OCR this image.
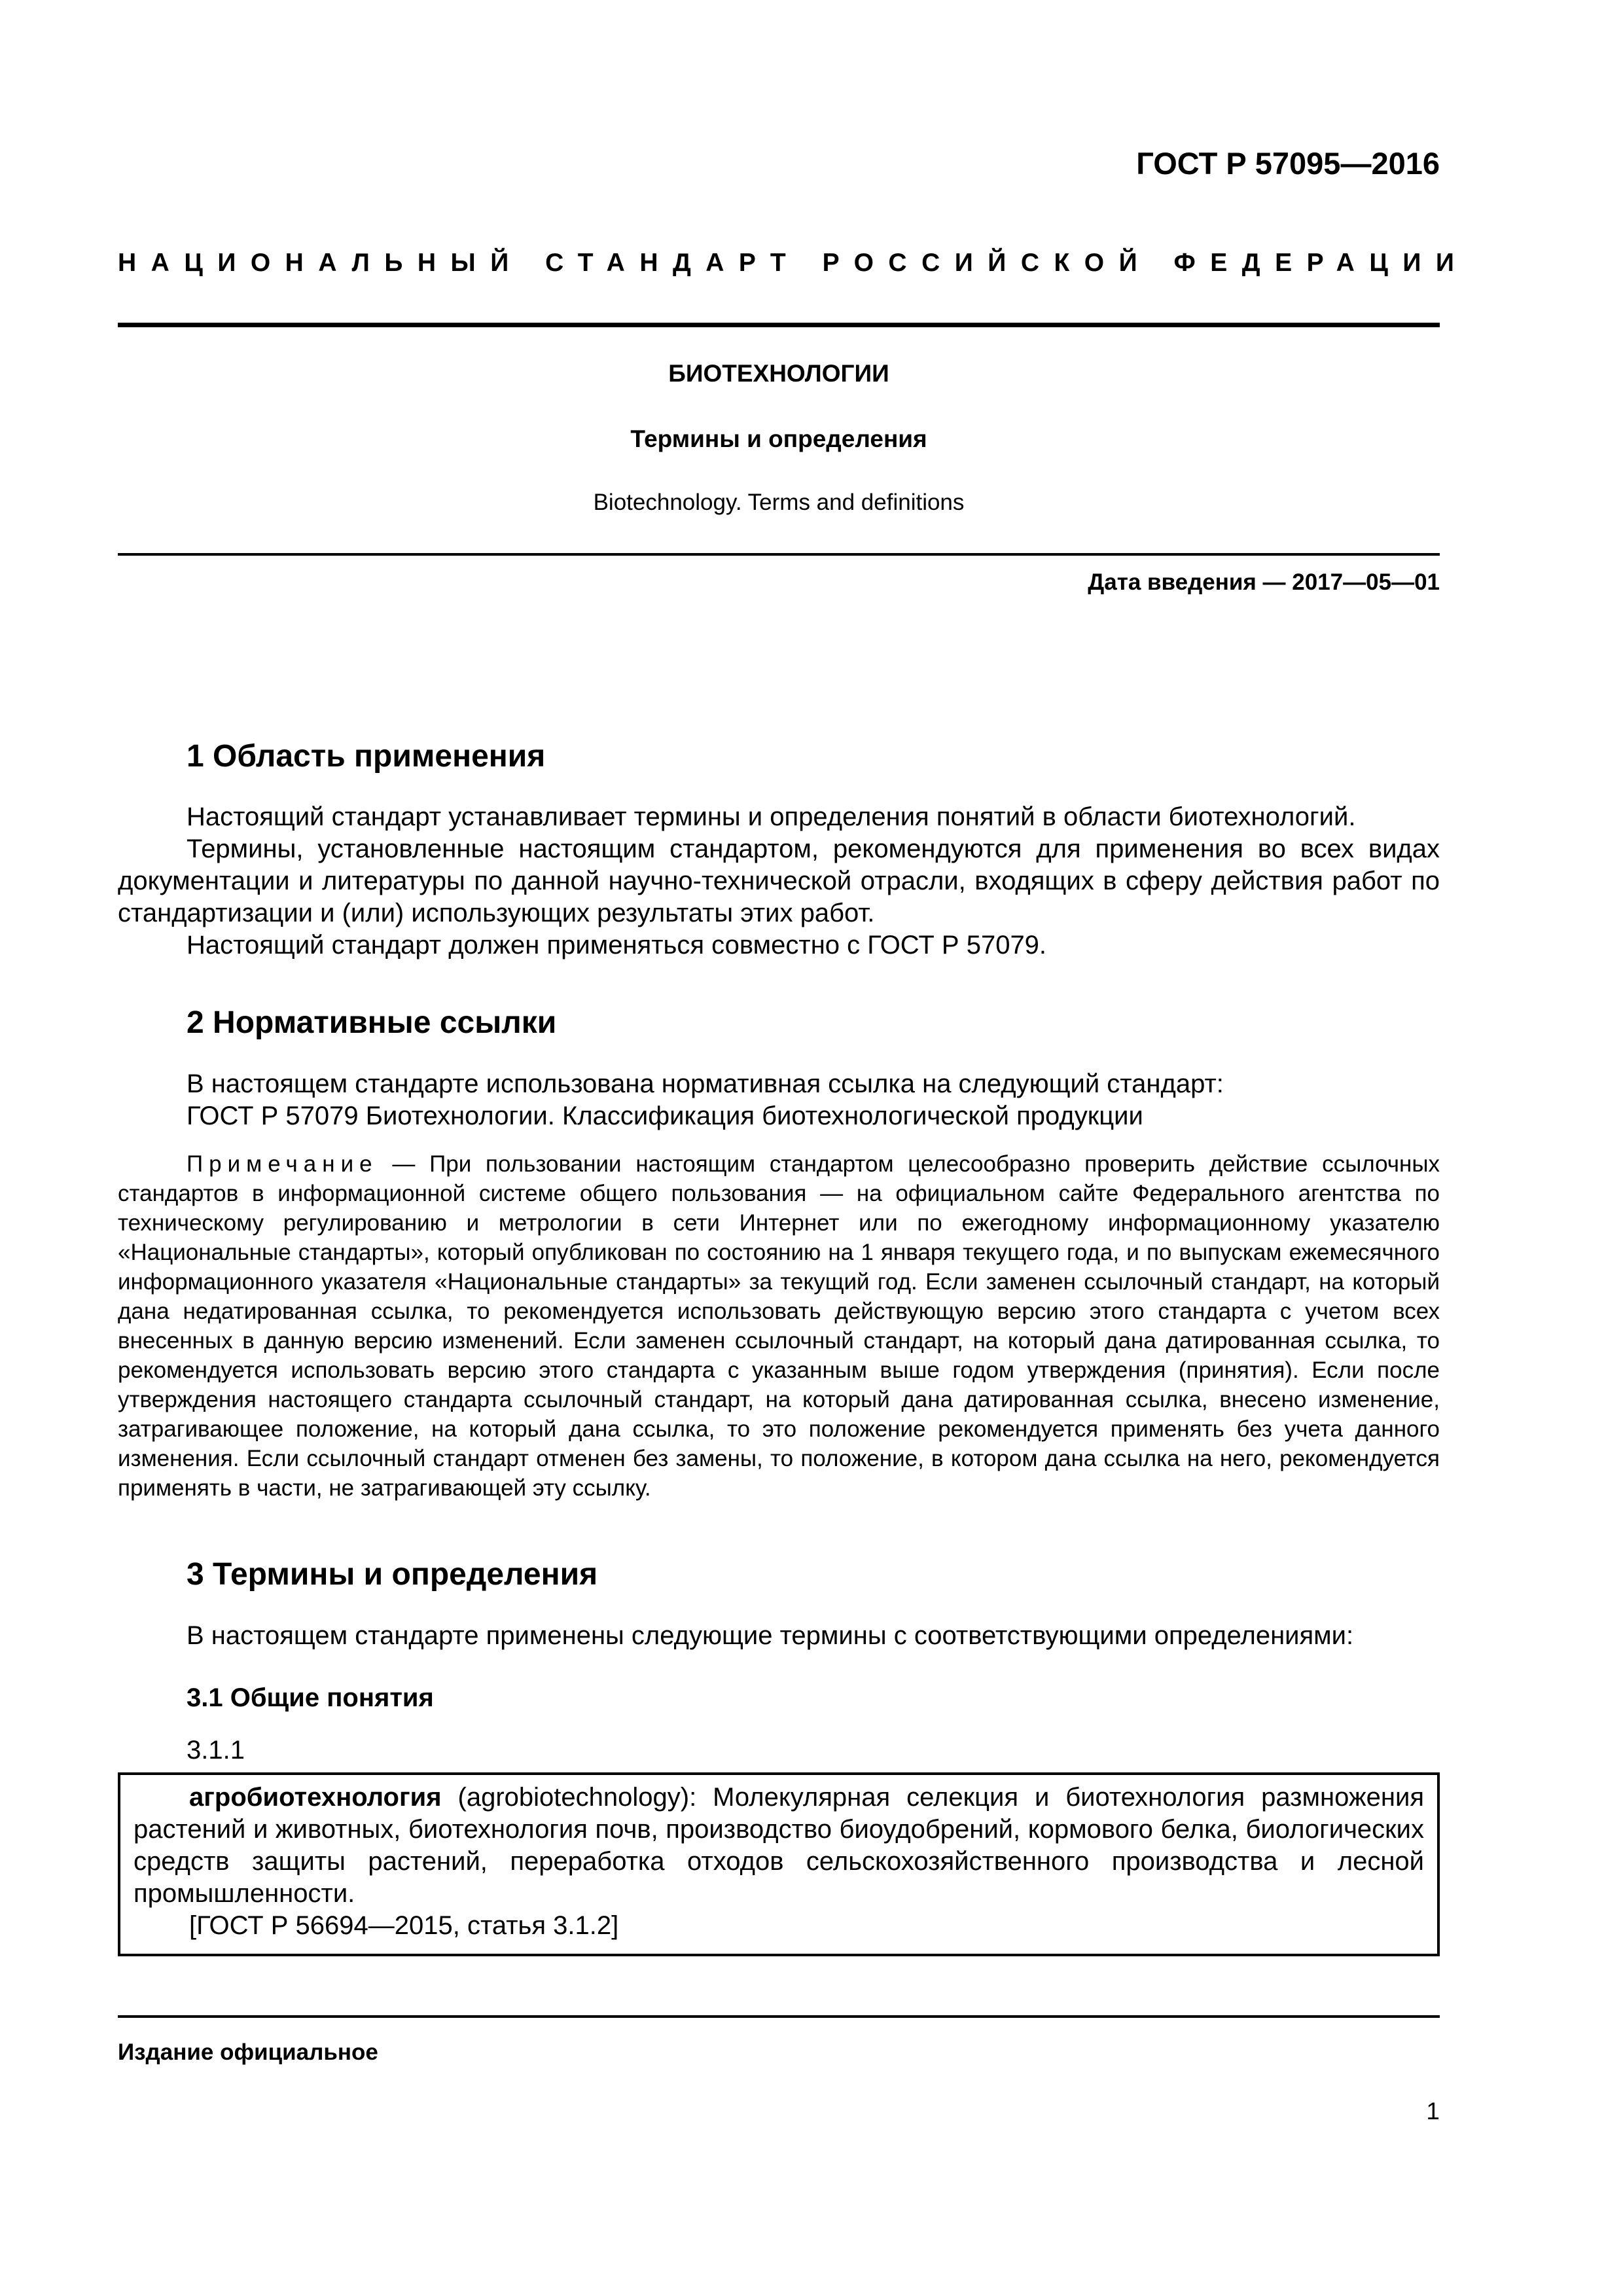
ГОСТ Р 57095—2016
НАЦИОНАЛЬНЫЙ СТАНДАРТ РОССИЙСКОЙ ФЕДЕРАЦИИ
БИОТЕХНОЛОГИИ
Термины и определения
Biotechnology. Terms and definitions
Дата введения — 2017—05—01
1 Область применения

Настоящий стандарт устанавливает термины и определения понятий в области биотехнологий.

Термины, установленные настоящим стандартом, рекомендуются для применения во всех видах документации и литературы по данной научно-технической отрасли, входящих в сферу действия работ по стандартизации и (или) использующих результаты этих работ.

Настоящий стандарт должен применяться совместно с ГОСТ Р 57079.

2 Нормативные ссылки

В настоящем стандарте использована нормативная ссылка на следующий стандарт:

ГОСТ Р 57079 Биотехнологии. Классификация биотехнологической продукции

Примечание — При пользовании настоящим стандартом целесообразно проверить действие ссылочных стандартов в информационной системе общего пользования — на официальном сайте Федерального агентства по техническому регулированию и метрологии в сети Интернет или по ежегодному информационному указателю «Национальные стандарты», который опубликован по состоянию на 1 января текущего года, и по выпускам ежемесячного информационного указателя «Национальные стандарты» за текущий год. Если заменен ссылочный стандарт, на который дана недатированная ссылка, то рекомендуется использовать действующую версию этого стандарта с учетом всех внесенных в данную версию изменений. Если заменен ссылочный стандарт, на который дана датированная ссылка, то рекомендуется использовать версию этого стандарта с указанным выше годом утверждения (принятия). Если после утверждения настоящего стандарта ссылочный стандарт, на который дана датированная ссылка, внесено изменение, затрагивающее положение, на который дана ссылка, то это положение рекомендуется применять без учета данного изменения. Если ссылочный стандарт отменен без замены, то положение, в котором дана ссылка на него, рекомендуется применять в части, не затрагивающей эту ссылку.

3 Термины и определения

В настоящем стандарте применены следующие термины с соответствующими определениями:

3.1 Общие понятия
3.1.1

агробиотехнология (agrobiotechnology): Молекулярная селекция и биотехнология размножения растений и животных, биотехнология почв, производство биоудобрений, кормового белка, биологических средств защиты растений, переработка отходов сельскохозяйственного производства и лесной промышленности.

[ГОСТ Р 56694—2015, статья 3.1.2]

Издание официальное
1
